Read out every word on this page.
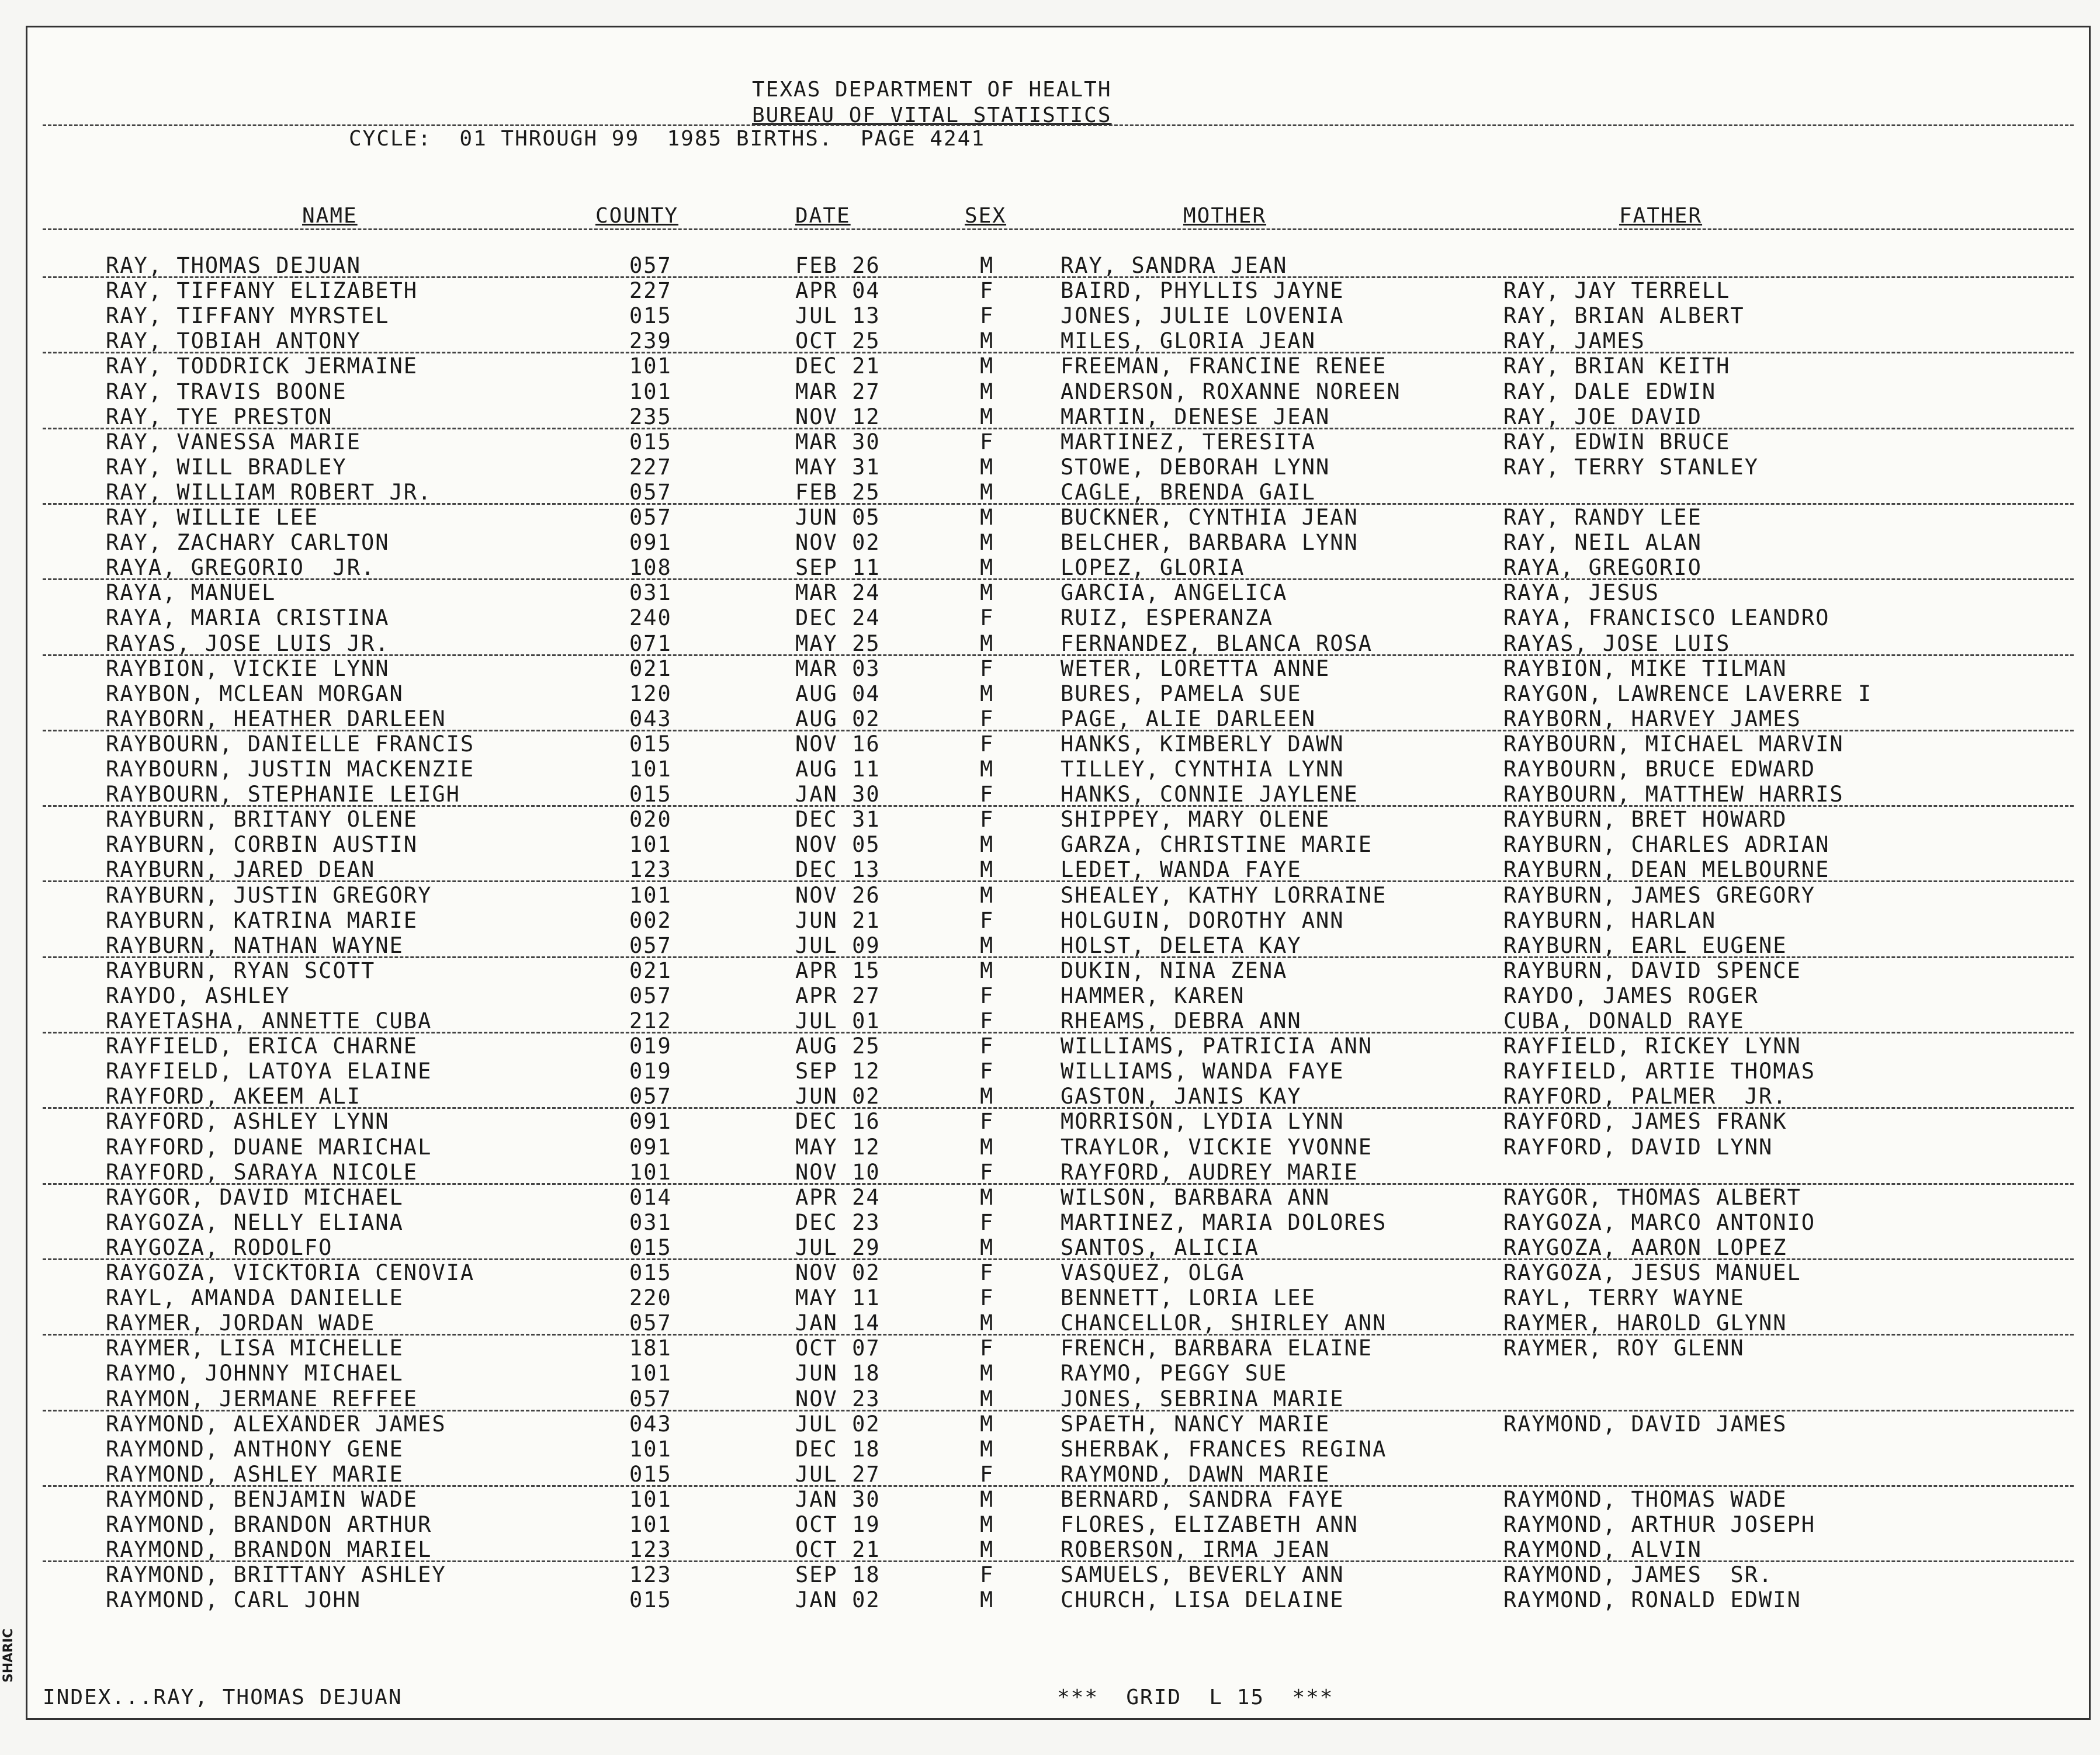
TEXAS DEPARTMENT OF HEALTH
BUREAU OF VITAL STATISTICS
CYCLE:  01 THROUGH 99  1985 BIRTHS.  PAGE 4241
NAME	COUNTY	DATE	SEX	MOTHER	FATHER
RAY, THOMAS DEJUAN	057	FEB 26	M	RAY, SANDRA JEAN
RAY, TIFFANY ELIZABETH	227	APR 04	F	BAIRD, PHYLLIS JAYNE	RAY, JAY TERRELL
RAY, TIFFANY MYRSTEL	015	JUL 13	F	JONES, JULIE LOVENIA	RAY, BRIAN ALBERT
RAY, TOBIAH ANTONY	239	OCT 25	M	MILES, GLORIA JEAN	RAY, JAMES
RAY, TODDRICK JERMAINE	101	DEC 21	M	FREEMAN, FRANCINE RENEE	RAY, BRIAN KEITH
RAY, TRAVIS BOONE	101	MAR 27	M	ANDERSON, ROXANNE NOREEN	RAY, DALE EDWIN
RAY, TYE PRESTON	235	NOV 12	M	MARTIN, DENESE JEAN	RAY, JOE DAVID
RAY, VANESSA MARIE	015	MAR 30	F	MARTINEZ, TERESITA	RAY, EDWIN BRUCE
RAY, WILL BRADLEY	227	MAY 31	M	STOWE, DEBORAH LYNN	RAY, TERRY STANLEY
RAY, WILLIAM ROBERT JR.	057	FEB 25	M	CAGLE, BRENDA GAIL
RAY, WILLIE LEE	057	JUN 05	M	BUCKNER, CYNTHIA JEAN	RAY, RANDY LEE
RAY, ZACHARY CARLTON	091	NOV 02	M	BELCHER, BARBARA LYNN	RAY, NEIL ALAN
RAYA, GREGORIO  JR.	108	SEP 11	M	LOPEZ, GLORIA	RAYA, GREGORIO
RAYA, MANUEL	031	MAR 24	M	GARCIA, ANGELICA	RAYA, JESUS
RAYA, MARIA CRISTINA	240	DEC 24	F	RUIZ, ESPERANZA	RAYA, FRANCISCO LEANDRO
RAYAS, JOSE LUIS JR.	071	MAY 25	M	FERNANDEZ, BLANCA ROSA	RAYAS, JOSE LUIS
RAYBION, VICKIE LYNN	021	MAR 03	F	WETER, LORETTA ANNE	RAYBION, MIKE TILMAN
RAYBON, MCLEAN MORGAN	120	AUG 04	M	BURES, PAMELA SUE	RAYGON, LAWRENCE LAVERRE I
RAYBORN, HEATHER DARLEEN	043	AUG 02	F	PAGE, ALIE DARLEEN	RAYBORN, HARVEY JAMES
RAYBOURN, DANIELLE FRANCIS	015	NOV 16	F	HANKS, KIMBERLY DAWN	RAYBOURN, MICHAEL MARVIN
RAYBOURN, JUSTIN MACKENZIE	101	AUG 11	M	TILLEY, CYNTHIA LYNN	RAYBOURN, BRUCE EDWARD
RAYBOURN, STEPHANIE LEIGH	015	JAN 30	F	HANKS, CONNIE JAYLENE	RAYBOURN, MATTHEW HARRIS
RAYBURN, BRITANY OLENE	020	DEC 31	F	SHIPPEY, MARY OLENE	RAYBURN, BRET HOWARD
RAYBURN, CORBIN AUSTIN	101	NOV 05	M	GARZA, CHRISTINE MARIE	RAYBURN, CHARLES ADRIAN
RAYBURN, JARED DEAN	123	DEC 13	M	LEDET, WANDA FAYE	RAYBURN, DEAN MELBOURNE
RAYBURN, JUSTIN GREGORY	101	NOV 26	M	SHEALEY, KATHY LORRAINE	RAYBURN, JAMES GREGORY
RAYBURN, KATRINA MARIE	002	JUN 21	F	HOLGUIN, DOROTHY ANN	RAYBURN, HARLAN
RAYBURN, NATHAN WAYNE	057	JUL 09	M	HOLST, DELETA KAY	RAYBURN, EARL EUGENE
RAYBURN, RYAN SCOTT	021	APR 15	M	DUKIN, NINA ZENA	RAYBURN, DAVID SPENCE
RAYDO, ASHLEY	057	APR 27	F	HAMMER, KAREN	RAYDO, JAMES ROGER
RAYETASHA, ANNETTE CUBA	212	JUL 01	F	RHEAMS, DEBRA ANN	CUBA, DONALD RAYE
RAYFIELD, ERICA CHARNE	019	AUG 25	F	WILLIAMS, PATRICIA ANN	RAYFIELD, RICKEY LYNN
RAYFIELD, LATOYA ELAINE	019	SEP 12	F	WILLIAMS, WANDA FAYE	RAYFIELD, ARTIE THOMAS
RAYFORD, AKEEM ALI	057	JUN 02	M	GASTON, JANIS KAY	RAYFORD, PALMER  JR.
RAYFORD, ASHLEY LYNN	091	DEC 16	F	MORRISON, LYDIA LYNN	RAYFORD, JAMES FRANK
RAYFORD, DUANE MARICHAL	091	MAY 12	M	TRAYLOR, VICKIE YVONNE	RAYFORD, DAVID LYNN
RAYFORD, SARAYA NICOLE	101	NOV 10	F	RAYFORD, AUDREY MARIE
RAYGOR, DAVID MICHAEL	014	APR 24	M	WILSON, BARBARA ANN	RAYGOR, THOMAS ALBERT
RAYGOZA, NELLY ELIANA	031	DEC 23	F	MARTINEZ, MARIA DOLORES	RAYGOZA, MARCO ANTONIO
RAYGOZA, RODOLFO	015	JUL 29	M	SANTOS, ALICIA	RAYGOZA, AARON LOPEZ
RAYGOZA, VICKTORIA CENOVIA	015	NOV 02	F	VASQUEZ, OLGA	RAYGOZA, JESUS MANUEL
RAYL, AMANDA DANIELLE	220	MAY 11	F	BENNETT, LORIA LEE	RAYL, TERRY WAYNE
RAYMER, JORDAN WADE	057	JAN 14	M	CHANCELLOR, SHIRLEY ANN	RAYMER, HAROLD GLYNN
RAYMER, LISA MICHELLE	181	OCT 07	F	FRENCH, BARBARA ELAINE	RAYMER, ROY GLENN
RAYMO, JOHNNY MICHAEL	101	JUN 18	M	RAYMO, PEGGY SUE
RAYMON, JERMANE REFFEE	057	NOV 23	M	JONES, SEBRINA MARIE
RAYMOND, ALEXANDER JAMES	043	JUL 02	M	SPAETH, NANCY MARIE	RAYMOND, DAVID JAMES
RAYMOND, ANTHONY GENE	101	DEC 18	M	SHERBAK, FRANCES REGINA
RAYMOND, ASHLEY MARIE	015	JUL 27	F	RAYMOND, DAWN MARIE
RAYMOND, BENJAMIN WADE	101	JAN 30	M	BERNARD, SANDRA FAYE	RAYMOND, THOMAS WADE
RAYMOND, BRANDON ARTHUR	101	OCT 19	M	FLORES, ELIZABETH ANN	RAYMOND, ARTHUR JOSEPH
RAYMOND, BRANDON MARIEL	123	OCT 21	M	ROBERSON, IRMA JEAN	RAYMOND, ALVIN
RAYMOND, BRITTANY ASHLEY	123	SEP 18	F	SAMUELS, BEVERLY ANN	RAYMOND, JAMES  SR.
RAYMOND, CARL JOHN	015	JAN 02	M	CHURCH, LISA DELAINE	RAYMOND, RONALD EDWIN
INDEX...RAY, THOMAS DEJUAN	***  GRID  L 15  ***
SHARIC
